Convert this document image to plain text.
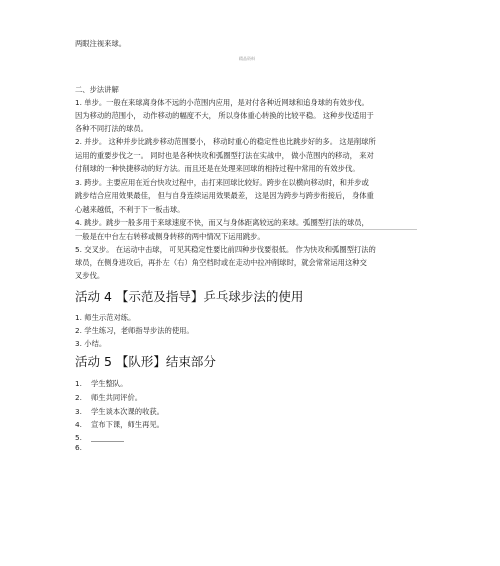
两眼注视来球。
精品资料
二、步法讲解
1. 单步。一般在来球离身体不远的小范围内应用，是对付各种近网球和追身球的有效步伐。
因为移动的范围小， 动作移动的幅度不大， 所以身体重心转换的比较平稳。 这种步伐适用于
各种不同打法的球员。
2. 并步。 这种并步比跳步移动范围要小， 移动时重心的稳定性也比跳步好的多。 这是削球所
运用的重要步伐之一。 同时也是各种快攻和弧圈型打法在实战中， 做小范围内的移动， 来对
付削球的一种快捷移动的好方法。而且还是在处理来回球的相持过程中常用的有效步伐。
3. 跨步。主要应用在近台快攻过程中，击打来回球比较好。跨步在以横向移动时，和并步或
跳步结合应用效果最佳， 但与自身连续运用效果最差， 这是因为跨步与跨步衔接后， 身体重
心越来越低，不利于下一板击球。
4. 跳步。跳步一般多用于来球速度不快，而又与身体距离较远的来球。弧圈型打法的球员，
一般是在中台左右转移或侧身转移的两中情况下运用跳步。
5. 交叉步。 在运动中击球， 可见其稳定性要比前四种步伐要很低。 作为快攻和弧圈型打法的
球员，在侧身进攻后，再扑左（右）角空档时或在走动中拉冲削球时，就会常常运用这种交
叉步伐。
活动 4 【示范及指导】乒乓球步法的使用
1. 师生示范对练。
2. 学生练习，老师指导步法的使用。
3. 小结。
活动 5 【队形】结束部分
1. 学生整队。
2. 师生共同评价。
3. 学生谈本次课的收获。
4. 宣布下课，师生再见。
5.
6.
